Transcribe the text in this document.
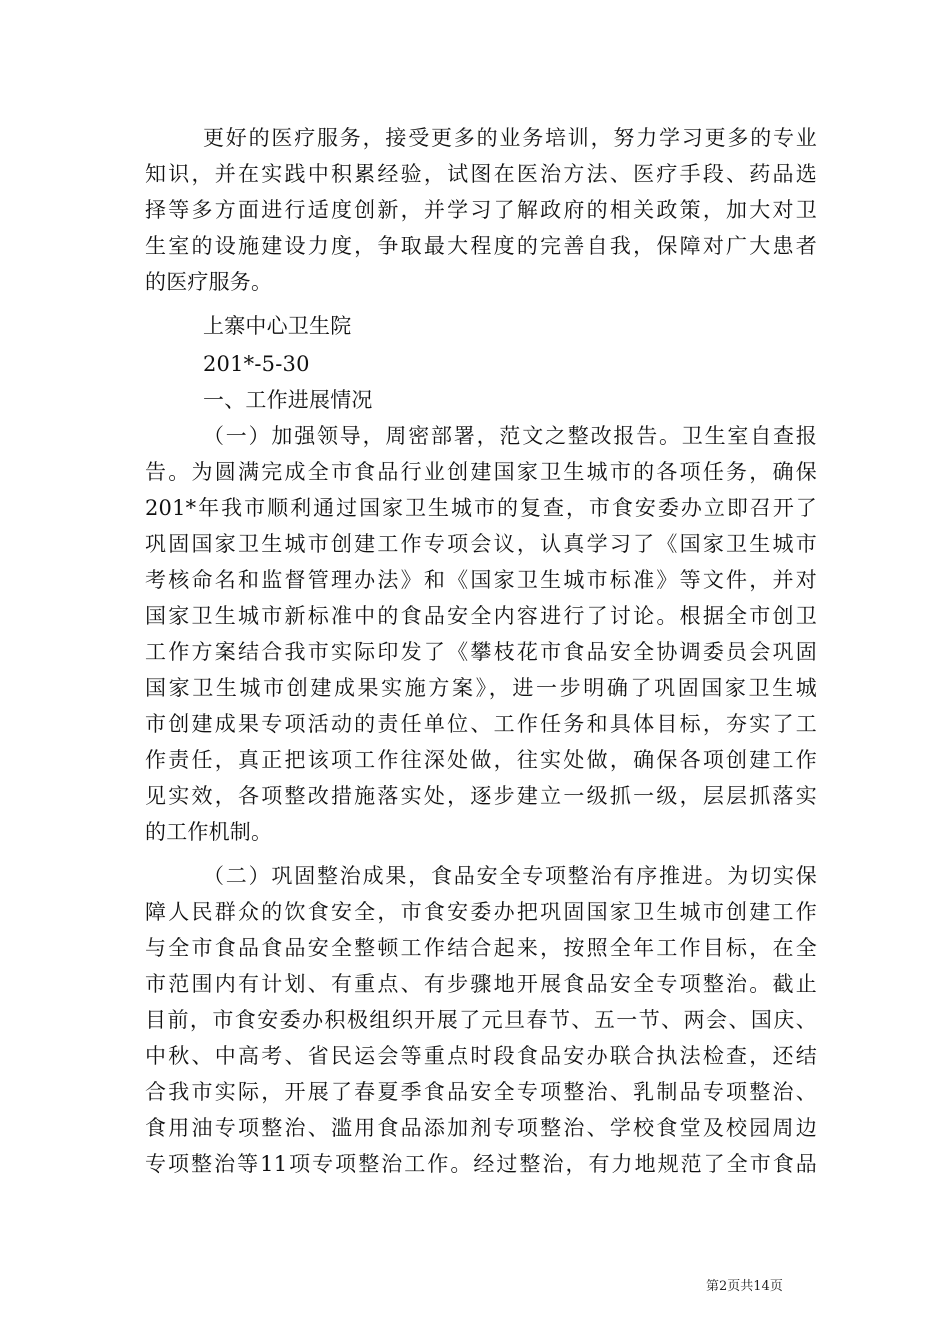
更好的医疗服务，接受更多的业务培训，努力学习更多的专业
知识，并在实践中积累经验，试图在医治方法、医疗手段、药品选
择等多方面进行适度创新，并学习了解政府的相关政策，加大对卫
生室的设施建设力度，争取最大程度的完善自我，保障对广大患者
的医疗服务。
上寨中心卫生院
201*-5-30
一、工作进展情况
（一）加强领导，周密部署，范文之整改报告。卫生室自查报
告。为圆满完成全市食品行业创建国家卫生城市的各项任务，确保
201*年我市顺利通过国家卫生城市的复查，市食安委办立即召开了
巩固国家卫生城市创建工作专项会议，认真学习了《国家卫生城市
考核命名和监督管理办法》和《国家卫生城市标准》等文件，并对
国家卫生城市新标准中的食品安全内容进行了讨论。根据全市创卫
工作方案结合我市实际印发了《攀枝花市食品安全协调委员会巩固
国家卫生城市创建成果实施方案》，进一步明确了巩固国家卫生城
市创建成果专项活动的责任单位、工作任务和具体目标，夯实了工
作责任，真正把该项工作往深处做，往实处做，确保各项创建工作
见实效，各项整改措施落实处，逐步建立一级抓一级，层层抓落实
的工作机制。
（二）巩固整治成果，食品安全专项整治有序推进。为切实保
障人民群众的饮食安全，市食安委办把巩固国家卫生城市创建工作
与全市食品食品安全整顿工作结合起来，按照全年工作目标，在全
市范围内有计划、有重点、有步骤地开展食品安全专项整治。截止
目前，市食安委办积极组织开展了元旦春节、五一节、两会、国庆、
中秋、中高考、省民运会等重点时段食品安办联合执法检查，还结
合我市实际，开展了春夏季食品安全专项整治、乳制品专项整治、
食用油专项整治、滥用食品添加剂专项整治、学校食堂及校园周边
专项整治等11项专项整治工作。经过整治，有力地规范了全市食品
第2页共14页
